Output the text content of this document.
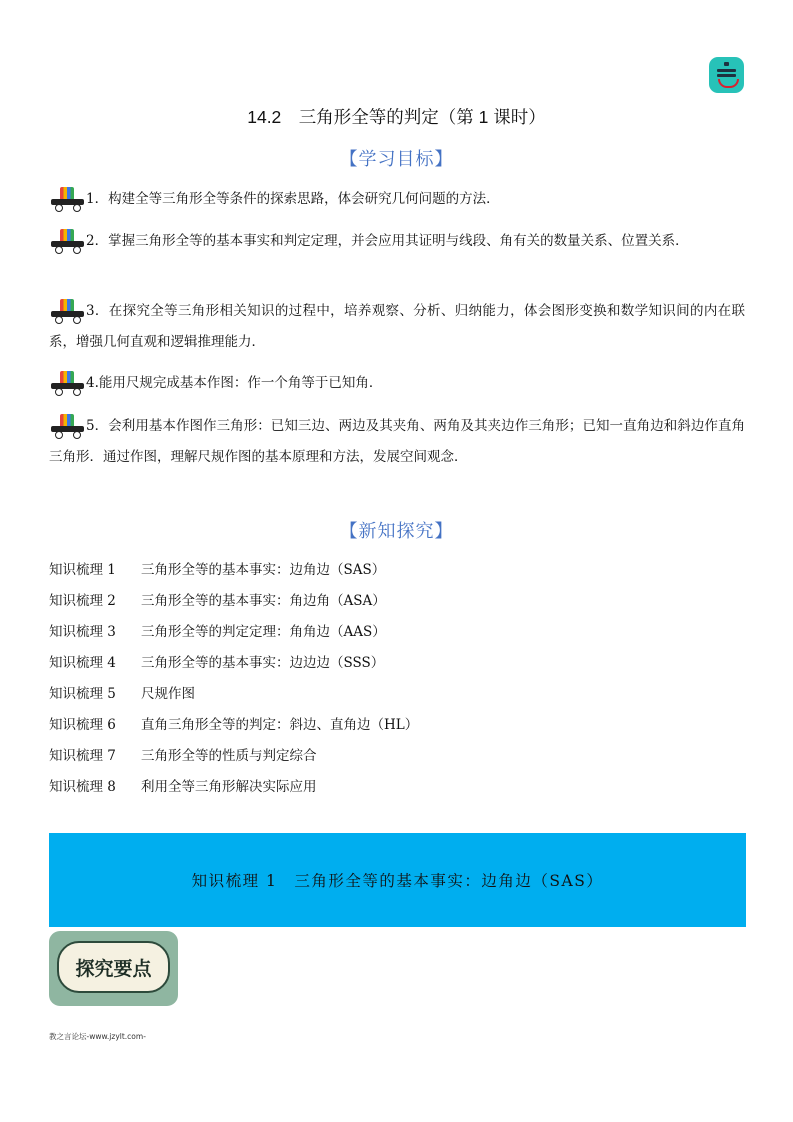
14.2　三角形全等的判定（第 1 课时）
【学习目标】
1．构建全等三角形全等条件的探索思路，体会研究几何问题的方法．
2．掌握三角形全等的基本事实和判定定理，并会应用其证明与线段、角有关的数量关系、位置关系．
3．在探究全等三角形相关知识的过程中，培养观察、分析、归纳能力，体会图形变换和数学知识间的内在联系，增强几何直观和逻辑推理能力．
4.能用尺规完成基本作图：作一个角等于已知角．
5．会利用基本作图作三角形：已知三边、两边及其夹角、两角及其夹边作三角形；已知一直角边和斜边作直角三角形．通过作图，理解尺规作图的基本原理和方法，发展空间观念．
【新知探究】
知识梳理 1 三角形全等的基本事实：边角边（SAS）
知识梳理 2 三角形全等的基本事实：角边角（ASA）
知识梳理 3 三角形全等的判定定理：角角边（AAS）
知识梳理 4 三角形全等的基本事实：边边边（SSS）
知识梳理 5 尺规作图
知识梳理 6 直角三角形全等的判定：斜边、直角边（HL）
知识梳理 7 三角形全等的性质与判定综合
知识梳理 8 利用全等三角形解决实际应用
知识梳理 1　三角形全等的基本事实：边角边（SAS）
探究要点
教之言论坛-www.jzylt.com-
